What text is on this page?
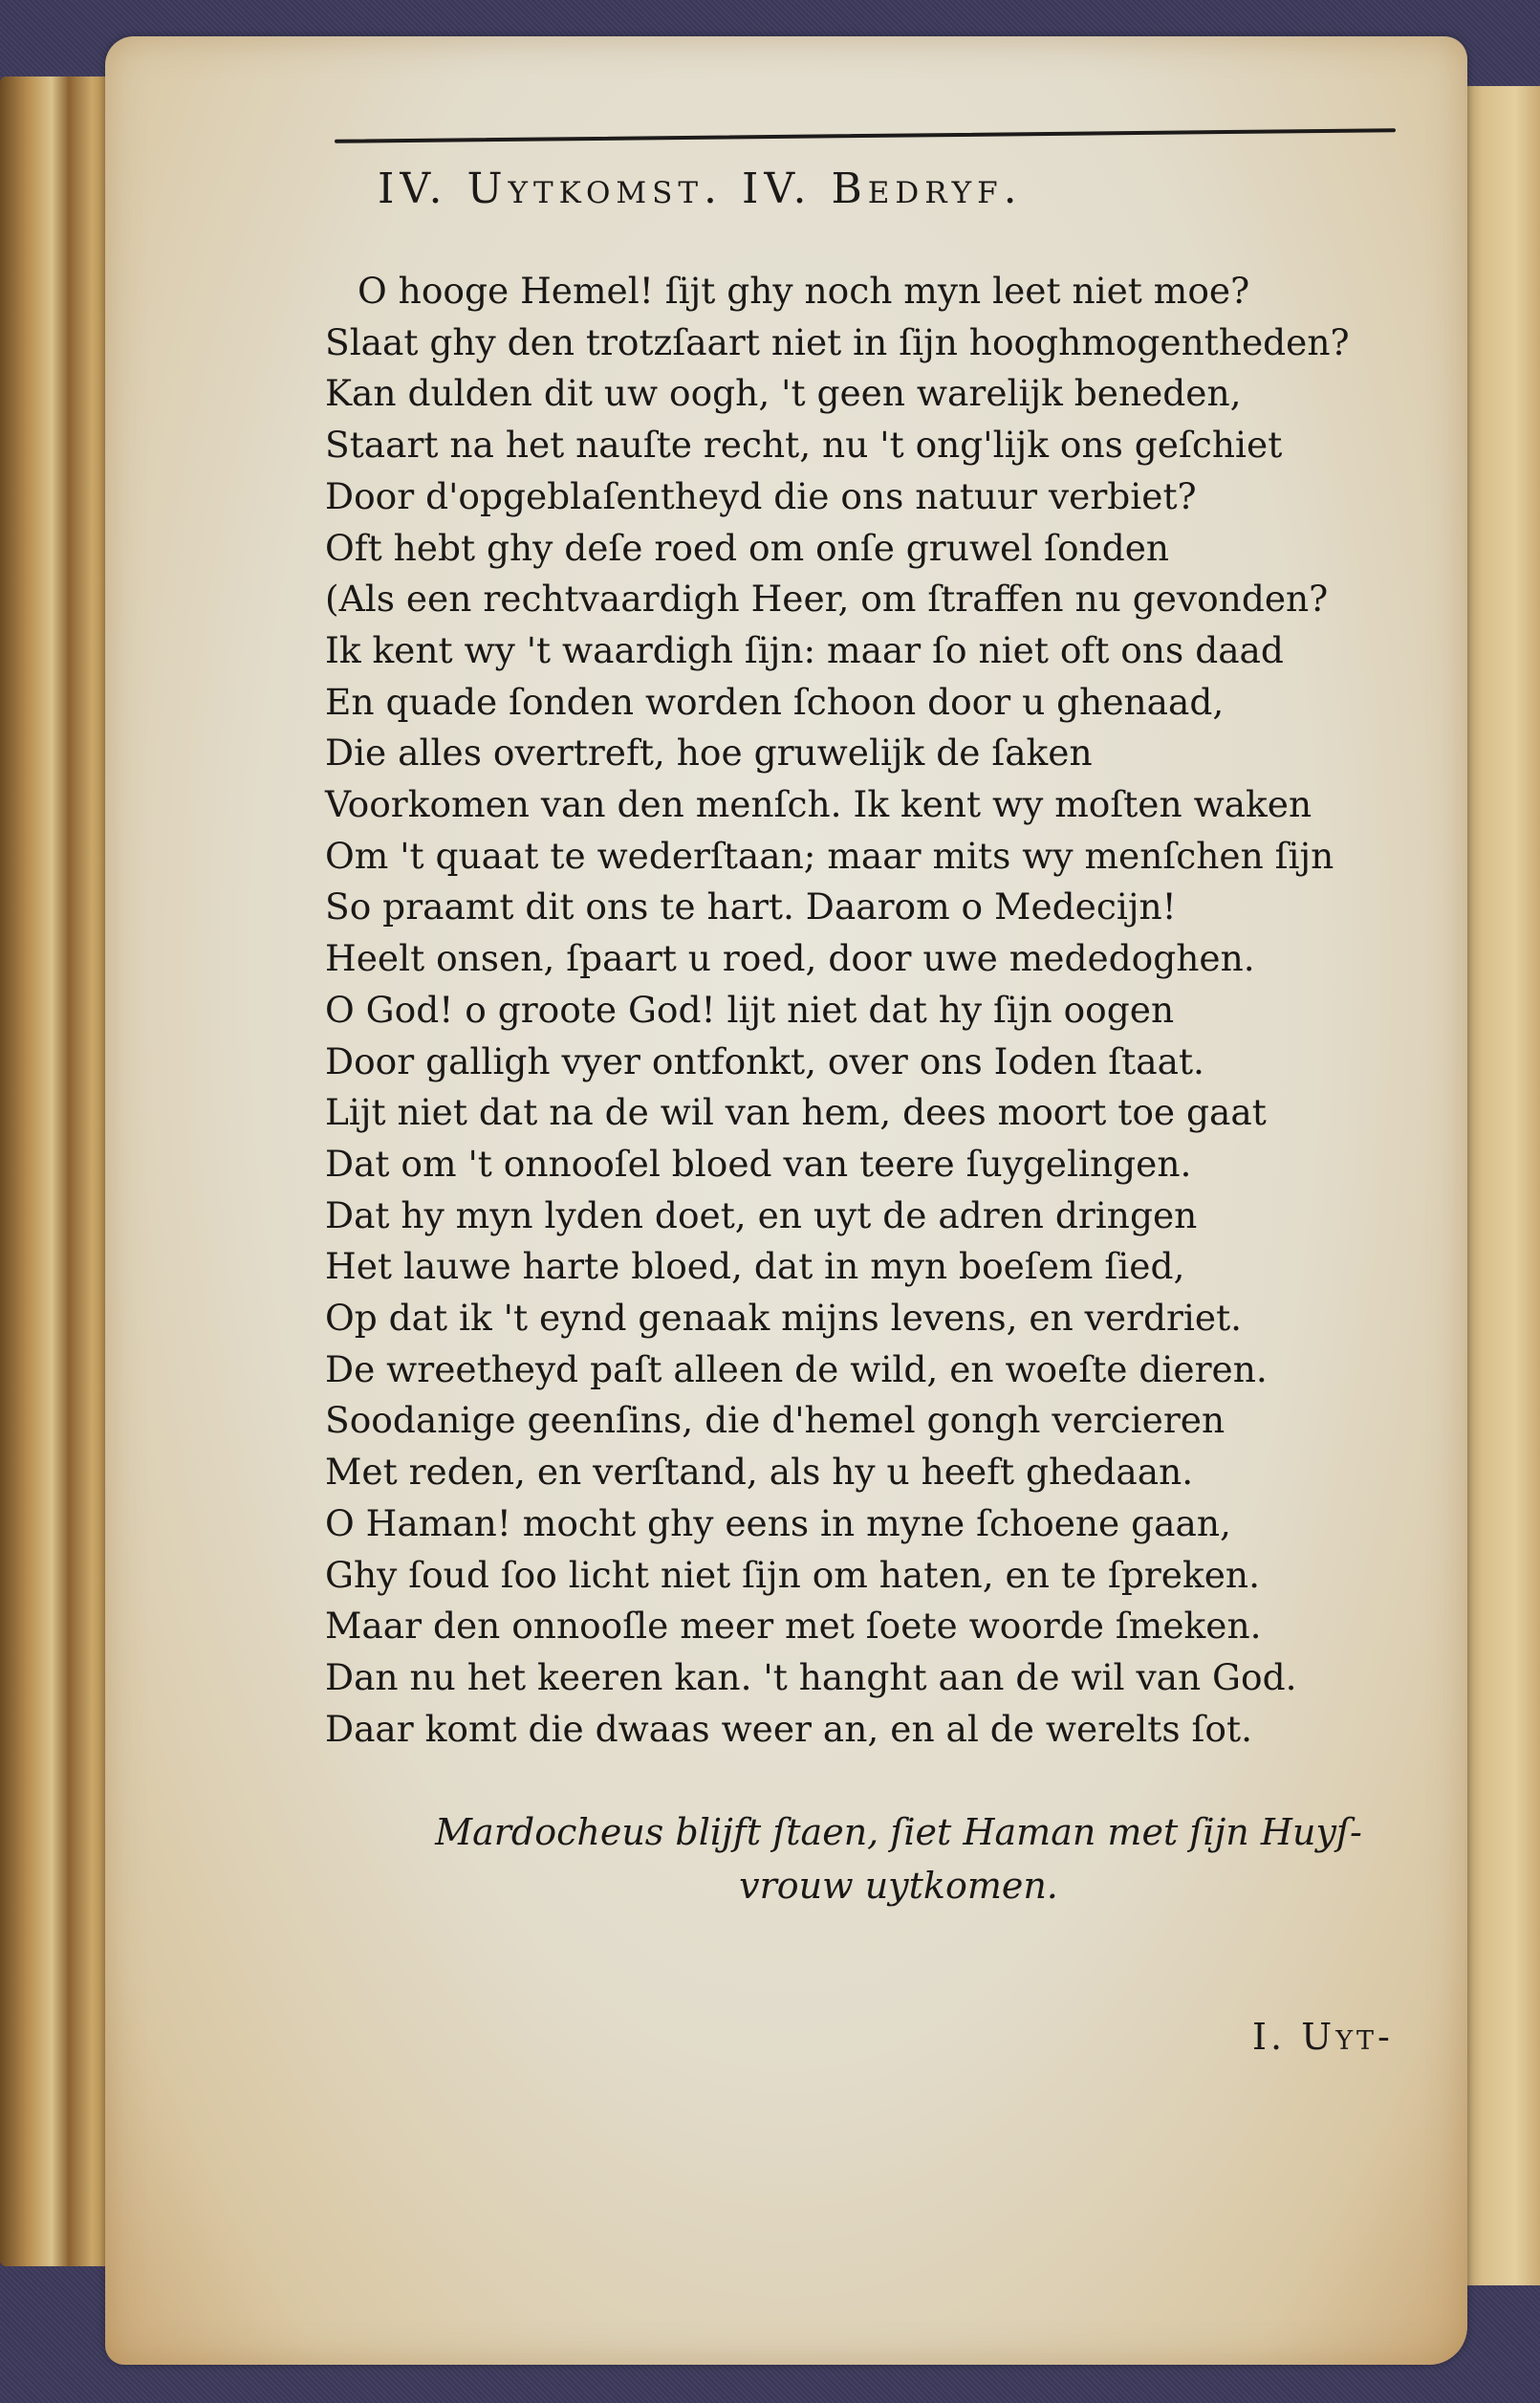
IV. Uytkomst. IV. Bedryf.
O hooge Hemel! ſijt ghy noch myn leet niet moe?
Slaat ghy den trotzſaart niet in ſijn hooghmogentheden?
Kan dulden dit uw oogh, 't geen warelijk beneden,
Staart na het nauſte recht, nu 't ong'lijk ons geſchiet
Door d'opgeblaſentheyd die ons natuur verbiet?
Oft hebt ghy deſe roed om onſe gruwel ſonden
(Als een rechtvaardigh Heer, om ſtraffen nu gevonden?
Ik kent wy 't waardigh ſijn: maar ſo niet oft ons daad
En quade ſonden worden ſchoon door u ghenaad,
Die alles overtreft, hoe gruwelijk de ſaken
Voorkomen van den menſch. Ik kent wy moſten waken
Om 't quaat te wederſtaan; maar mits wy menſchen ſijn
So praamt dit ons te hart. Daarom o Medecijn!
Heelt onsen, ſpaart u roed, door uwe mededoghen.
O God! o groote God! lijt niet dat hy ſijn oogen
Door galligh vyer ontfonkt, over ons Ioden ſtaat.
Lijt niet dat na de wil van hem, dees moort toe gaat
Dat om 't onnooſel bloed van teere ſuygelingen.
Dat hy myn lyden doet, en uyt de adren dringen
Het lauwe harte bloed, dat in myn boeſem ſied,
Op dat ik 't eynd genaak mijns levens, en verdriet.
De wreetheyd paſt alleen de wild, en woeſte dieren.
Soodanige geenſins, die d'hemel gongh vercieren
Met reden, en verſtand, als hy u heeft ghedaan.
O Haman! mocht ghy eens in myne ſchoene gaan,
Ghy ſoud ſoo licht niet ſijn om haten, en te ſpreken.
Maar den onnooſle meer met ſoete woorde ſmeken.
Dan nu het keeren kan. 't hanght aan de wil van God.
Daar komt die dwaas weer an, en al de werelts ſot.
Mardocheus blijft ſtaen, ſiet Haman met ſijn Huyſ-
vrouw uytkomen.
I. Uyt-
